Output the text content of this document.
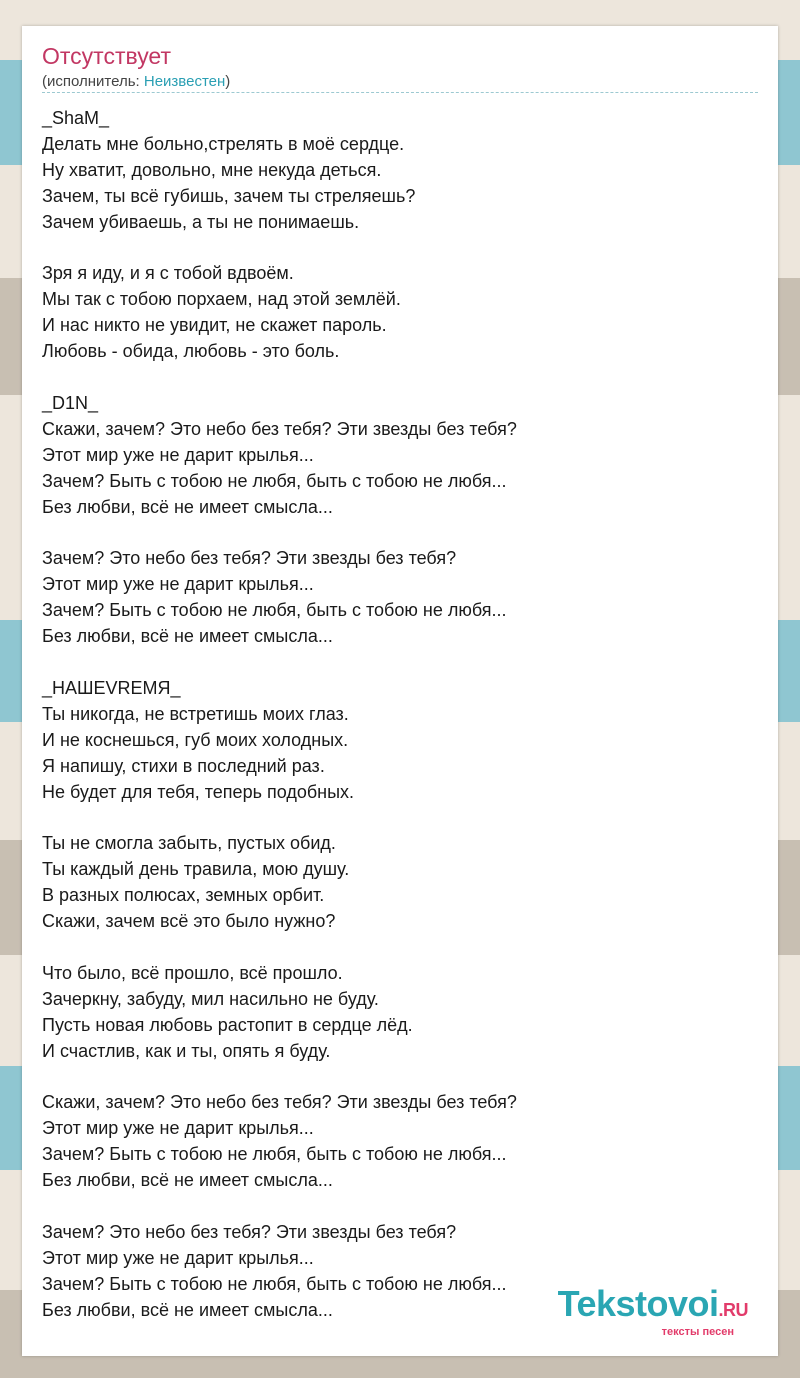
Отсутствует
(исполнитель: Неизвестен)
_ShaM_
Делать мне больно,стрелять в моё сердце.
Ну хватит, довольно, мне некуда деться.
Зачем, ты всё губишь, зачем ты стреляешь?
Зачем убиваешь, а ты не понимаешь.
Зря я иду, и я с тобой вдвоём.
Мы так с тобою порхаем, над этой землёй.
И нас никто не увидит, не скажет пароль.
Любовь - обида, любовь - это боль.
_D1N_
Скажи, зачем? Это небо без тебя? Эти звезды без тебя?
Этот мир уже не дарит крылья...
Зачем? Быть с тобою не любя, быть с тобою не любя...
Без любви, всё не имеет смысла...
Зачем? Это небо без тебя? Эти звезды без тебя?
Этот мир уже не дарит крылья...
Зачем? Быть с тобою не любя, быть с тобою не любя...
Без любви, всё не имеет смысла...
_НАШЕVREMЯ_
Ты никогда, не встретишь моих глаз.
И не коснешься, губ моих холодных.
Я напишу, стихи в последний раз.
Не будет для тебя, теперь подобных.
Ты не смогла забыть, пустых обид.
Ты каждый день травила, мою душу.
В разных полюсах, земных орбит.
Скажи, зачем всё это было нужно?
Что было, всё прошло, всё прошло.
Зачеркну, забуду, мил насильно не буду.
Пусть новая любовь растопит в сердце лёд.
И счастлив, как и ты, опять я буду.
Скажи, зачем? Это небо без тебя? Эти звезды без тебя?
Этот мир уже не дарит крылья...
Зачем? Быть с тобою не любя, быть с тобою не любя...
Без любви, всё не имеет смысла...
Зачем? Это небо без тебя? Эти звезды без тебя?
Этот мир уже не дарит крылья...
Зачем? Быть с тобою не любя, быть с тобою не любя...
Без любви, всё не имеет смысла...	Tekstovoi.RU
тексты песен
